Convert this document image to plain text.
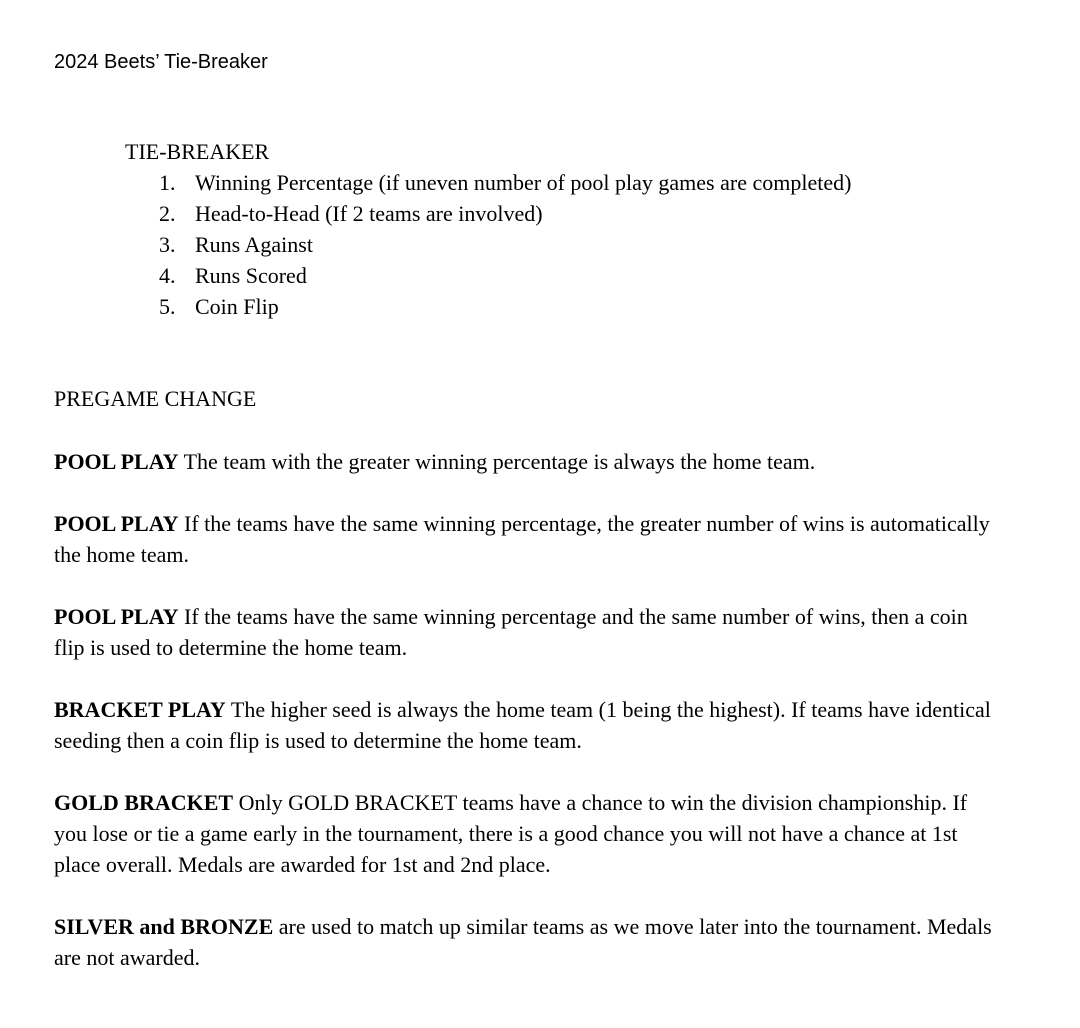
2024 Beets’ Tie-Breaker
TIE-BREAKER
1. Winning Percentage (if uneven number of pool play games are completed)
2. Head-to-Head (If 2 teams are involved)
3. Runs Against
4. Runs Scored
5. Coin Flip
PREGAME CHANGE

POOL PLAY The team with the greater winning percentage is always the home team.

POOL PLAY If the teams have the same winning percentage, the greater number of wins is automatically the home team.

POOL PLAY If the teams have the same winning percentage and the same number of wins, then a coin flip is used to determine the home team.

BRACKET PLAY The higher seed is always the home team (1 being the highest). If teams have identical seeding then a coin flip is used to determine the home team.

GOLD BRACKET Only GOLD BRACKET teams have a chance to win the division championship. If you lose or tie a game early in the tournament, there is a good chance you will not have a chance at 1st place overall. Medals are awarded for 1st and 2nd place.

SILVER and BRONZE are used to match up similar teams as we move later into the tournament. Medals are not awarded.
